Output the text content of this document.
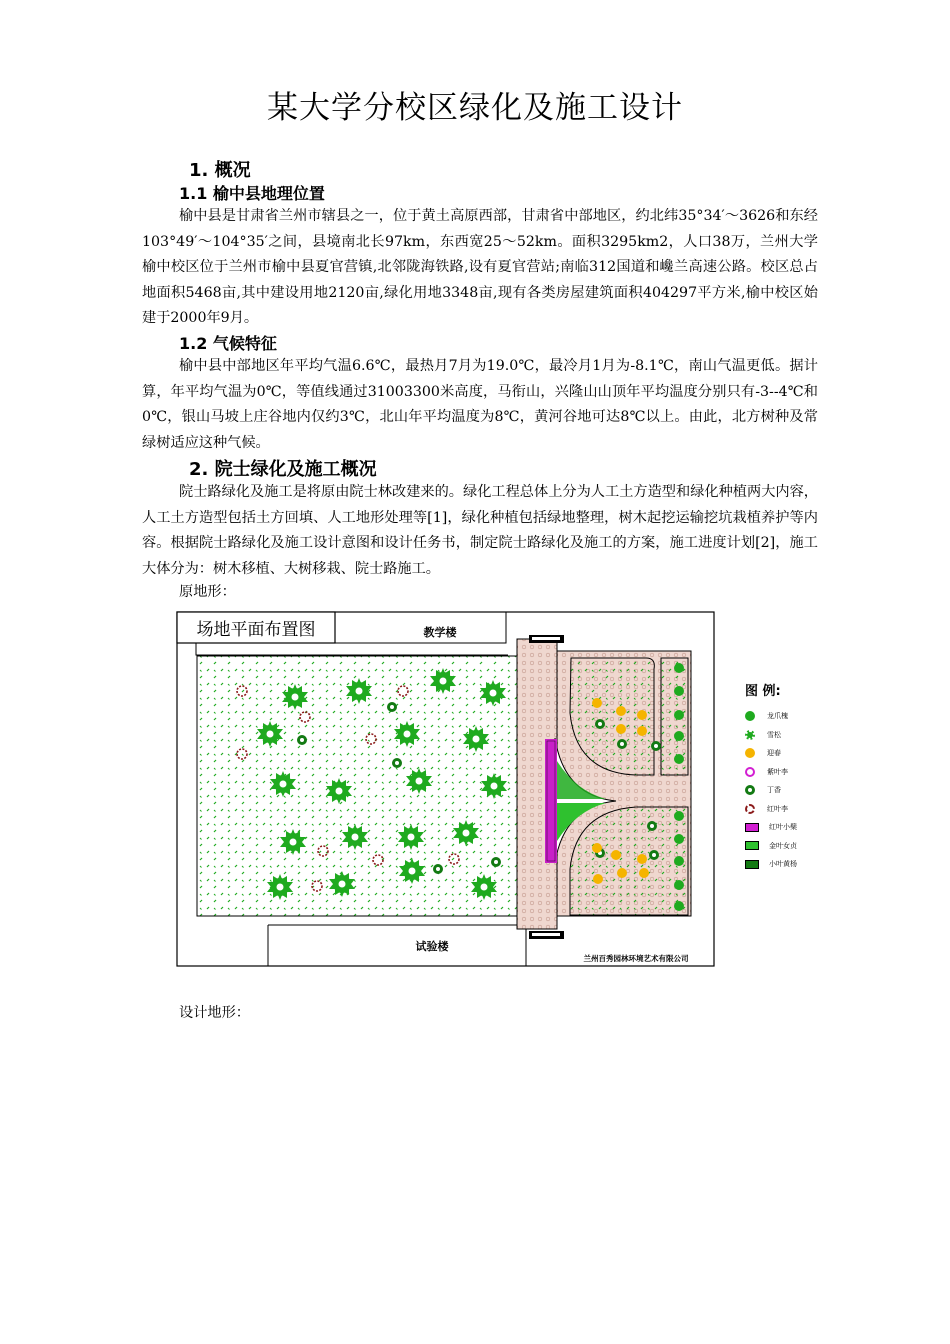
某大学分校区绿化及施工设计
1. 概况
1.1 榆中县地理位置
榆中县是甘肃省兰州市辖县之一，位于黄土高原西部，甘肃省中部地区，约北纬35°34′～3626和东经103°49′～104°35′之间，县境南北长97km，东西宽25～52km。面积3295km2，人口38万，兰州大学榆中校区位于兰州市榆中县夏官营镇,北邻陇海铁路,设有夏官营站;南临312国道和巉兰高速公路。校区总占地面积5468亩,其中建设用地2120亩,绿化用地3348亩,现有各类房屋建筑面积404297平方米,榆中校区始建于2000年9月。
1.2 气候特征
榆中县中部地区年平均气温6.6℃，最热月7月为19.0℃，最冷月1月为-8.1℃，南山气温更低。据计算，年平均气温为0℃，等值线通过31003300米高度，马衔山，兴隆山山顶年平均温度分别只有-3--4℃和0℃，银山马坡上庄谷地内仅约3℃，北山年平均温度为8℃，黄河谷地可达8℃以上。由此，北方树种及常绿树适应这种气候。
2. 院士绿化及施工概况
院士路绿化及施工是将原由院士林改建来的。绿化工程总体上分为人工土方造型和绿化种植两大内容，人工土方造型包括土方回填、人工地形处理等[1]，绿化种植包括绿地整理，树木起挖运输挖坑栽植养护等内容。根据院士路绿化及施工设计意图和设计任务书，制定院士路绿化及施工的方案，施工进度计划[2]，施工大体分为：树木移植、大树移栽、院士路施工。
原地形：
场地平面布置图	教学楼
试验楼
兰州百秀园林环境艺术有限公司
图 例:
龙爪槐
雪松
迎春
紫叶李
丁香
红叶李
红叶小檗
金叶女贞
小叶黄杨
设计地形：
